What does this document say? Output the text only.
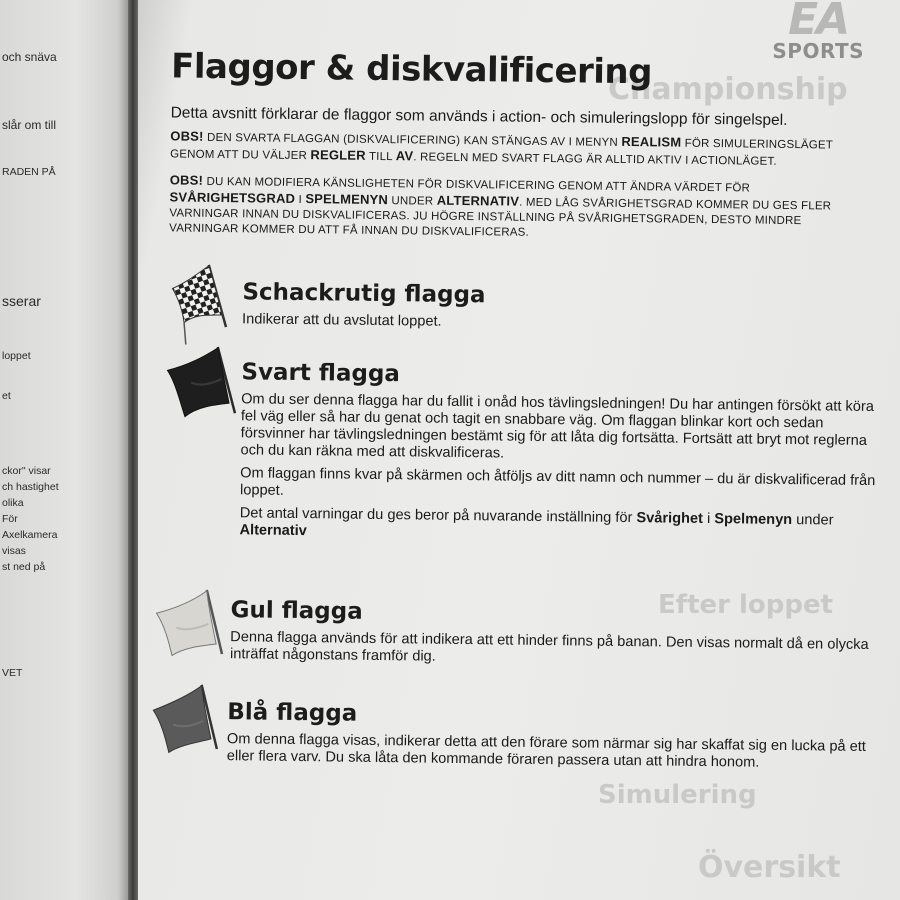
och snäva
slår om till
RADEN PÅ
sserar
loppet
et
ckor" visar
ch hastighet
olika
För
Axelkamera
visas
st ned på
VET
Championship
Efter loppet
Simulering
Översikt
EA
SPORTS
Flaggor & diskvalificering
Detta avsnitt förklarar de flaggor som används i action- och simuleringslopp för singelspel.
OBS! DEN SVARTA FLAGGAN (DISKVALIFICERING) KAN STÄNGAS AV I MENYN REALISM FÖR SIMULERINGSLÄGET GENOM ATT DU VÄLJER REGLER TILL AV. REGELN MED SVART FLAGG ÄR ALLTID AKTIV I ACTIONLÄGET.
OBS! DU KAN MODIFIERA KÄNSLIGHETEN FÖR DISKVALIFICERING GENOM ATT ÄNDRA VÄRDET FÖR SVÅRIGHETSGRAD I SPELMENYN UNDER ALTERNATIV. MED LÅG SVÅRIGHETSGRAD KOMMER DU GES FLER VARNINGAR INNAN DU DISKVALIFICERAS. JU HÖGRE INSTÄLLNING PÅ SVÅRIGHETSGRADEN, DESTO MINDRE VARNINGAR KOMMER DU ATT FÅ INNAN DU DISKVALIFICERAS.
Schackrutig flagga
Indikerar att du avslutat loppet.
Svart flagga

Om du ser denna flagga har du fallit i onåd hos tävlingsledningen! Du har antingen försökt att köra fel väg eller så har du genat och tagit en snabbare väg. Om flaggan blinkar kort och sedan försvinner har tävlingsledningen bestämt sig för att låta dig fortsätta. Fortsätt att bryt mot reglerna och du kan räkna med att diskvalificeras.

Om flaggan finns kvar på skärmen och åtföljs av ditt namn och nummer – du är diskvalificerad från loppet.

Det antal varningar du ges beror på nuvarande inställning för Svårighet i Spelmenyn under Alternativ

Gul flagga
Denna flagga används för att indikera att ett hinder finns på banan. Den visas normalt då en olycka inträffat någonstans framför dig.
Blå flagga
Om denna flagga visas, indikerar detta att den förare som närmar sig har skaffat sig en lucka på ett eller flera varv. Du ska låta den kommande föraren passera utan att hindra honom.
